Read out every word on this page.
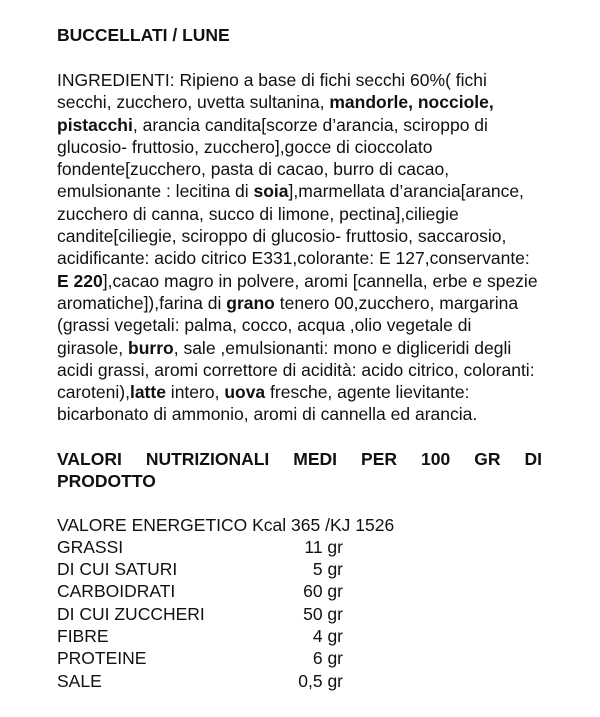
BUCCELLATI / LUNE
INGREDIENTI: Ripieno a base di fichi secchi 60%( fichi secchi, zucchero, uvetta sultanina, mandorle, nocciole, pistacchi, arancia candita[scorze d’arancia, sciroppo di glucosio- fruttosio, zucchero],gocce di cioccolato fondente[zucchero, pasta di cacao, burro di cacao, emulsionante : lecitina di soia],marmellata d’arancia[arance, zucchero di canna, succo di limone, pectina],ciliegie candite[ciliegie, sciroppo di glucosio- fruttosio, saccarosio, acidificante: acido citrico E331,colorante: E 127,conservante: E 220],cacao magro in polvere, aromi [cannella, erbe e spezie aromatiche]),farina di grano tenero 00,zucchero, margarina (grassi vegetali: palma, cocco, acqua ,olio vegetale di girasole, burro, sale ,emulsionanti: mono e digliceridi degli acidi grassi, aromi correttore di acidità: acido citrico, coloranti: caroteni),latte intero, uova fresche, agente lievitante: bicarbonato di ammonio, aromi di cannella ed arancia.
VALORI NUTRIZIONALI MEDI PER 100 GR DI
PRODOTTO
VALORE ENERGETICO Kcal 365 /KJ 1526
GRASSI	11 gr
DI CUI SATURI	5 gr
CARBOIDRATI	60 gr
DI CUI ZUCCHERI	50 gr
FIBRE	4 gr
PROTEINE	6 gr
SALE	0,5 gr
